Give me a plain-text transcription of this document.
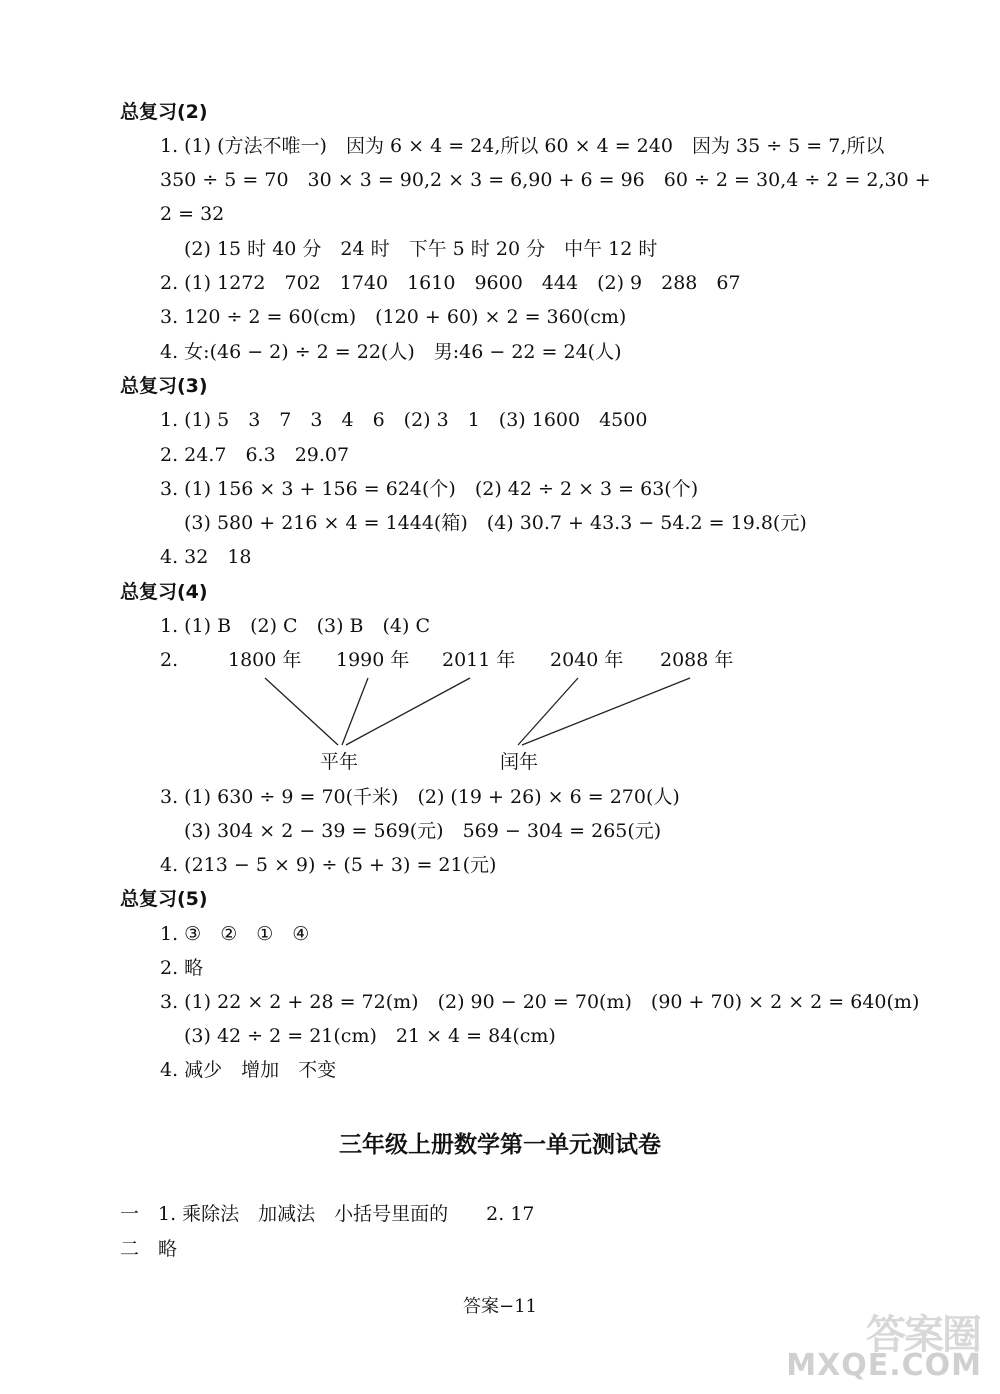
总复习(2)
1. (1) (方法不唯一)　因为 6 × 4 = 24,所以 60 × 4 = 240　因为 35 ÷ 5 = 7,所以
350 ÷ 5 = 70　30 × 3 = 90,2 × 3 = 6,90 + 6 = 96　60 ÷ 2 = 30,4 ÷ 2 = 2,30 +
2 = 32
(2) 15 时 40 分　24 时　下午 5 时 20 分　中午 12 时
2. (1) 1272　702　1740　1610　9600　444　(2) 9　288　67
3. 120 ÷ 2 = 60(cm)　(120 + 60) × 2 = 360(cm)
4. 女:(46 − 2) ÷ 2 = 22(人)　男:46 − 22 = 24(人)
总复习(3)
1. (1) 5　3　7　3　4　6　(2) 3　1　(3) 1600　4500
2. 24.7　6.3　29.07
3. (1) 156 × 3 + 156 = 624(个)　(2) 42 ÷ 2 × 3 = 63(个)
(3) 580 + 216 × 4 = 1444(箱)　(4) 30.7 + 43.3 − 54.2 = 19.8(元)
4. 32　18
总复习(4)
1. (1) B　(2) C　(3) B　(4) C
2.	1800 年 1990 年 2011 年 2040 年 2088 年
平年	闰年
3. (1) 630 ÷ 9 = 70(千米)　(2) (19 + 26) × 6 = 270(人)
(3) 304 × 2 − 39 = 569(元)　569 − 304 = 265(元)
4. (213 − 5 × 9) ÷ (5 + 3) = 21(元)
总复习(5)
1. ③　②　①　④
2. 略
3. (1) 22 × 2 + 28 = 72(m)　(2) 90 − 20 = 70(m)　(90 + 70) × 2 × 2 = 640(m)
(3) 42 ÷ 2 = 21(cm)　21 × 4 = 84(cm)
4. 减少　增加　不变
三年级上册数学第一单元测试卷
一　1. 乘除法　加减法　小括号里面的　　2. 17
二　略
答案−11
答案圈
MXQE.COM
